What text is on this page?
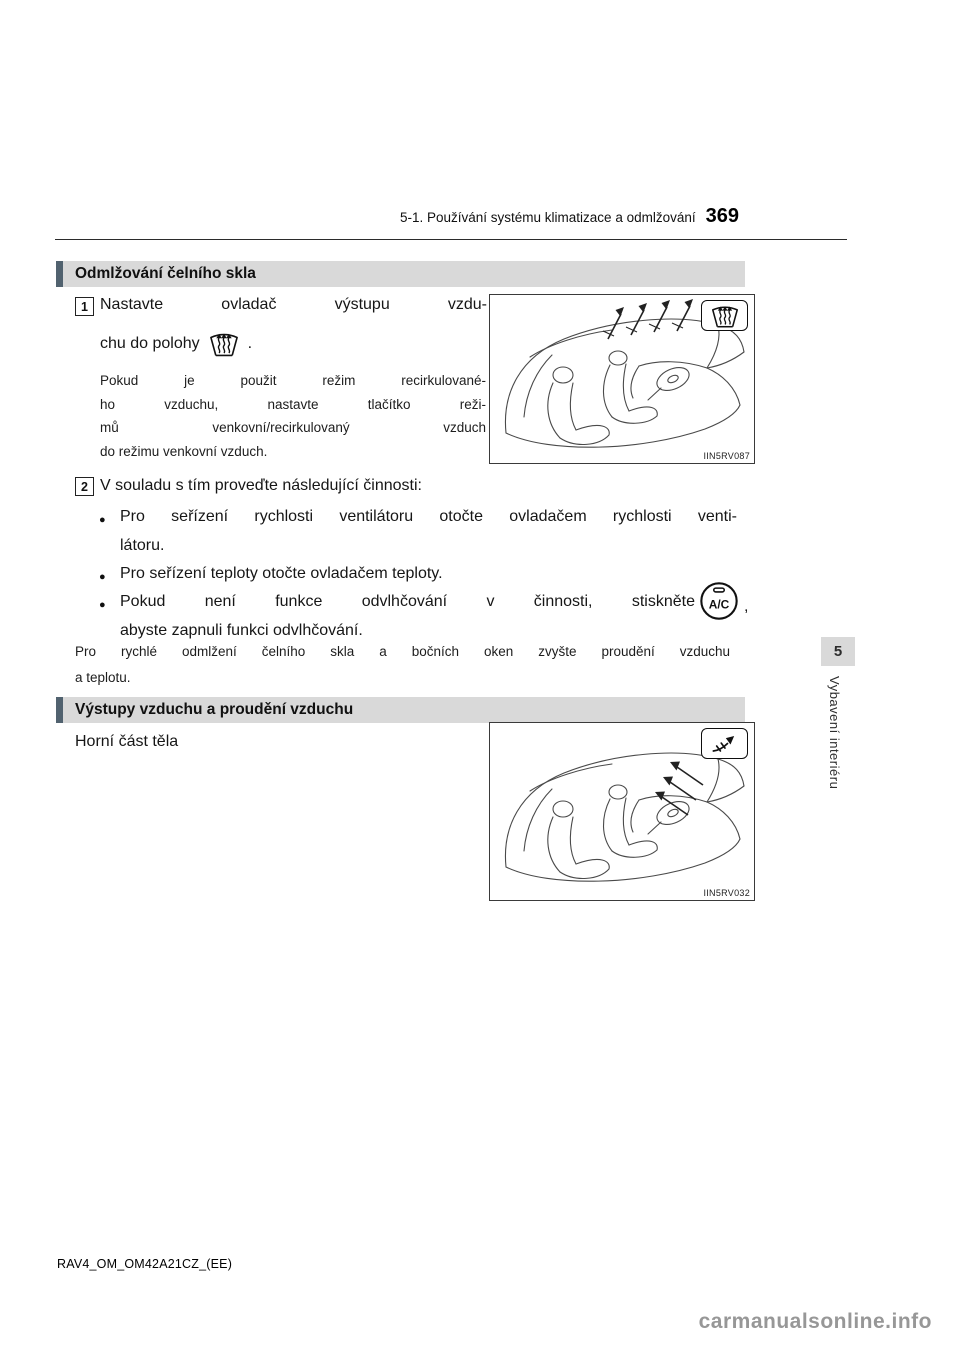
5-1. Používání systému klimatizace a odmlžování 369
Odmlžování čelního skla
1 Nastavte ovladač výstupu vzdu-
chu do polohy	.
Pokud je použit režim recirkulované-
ho vzduchu, nastavte tlačítko reži-
mů venkovní/recirkulovaný vzduch
do režimu venkovní vzduch.	IIN5RV087
2 V souladu s tím proveďte následující činnosti:
● Pro seřízení rychlosti ventilátoru otočte ovladačem rychlosti venti-
látoru.
● Pro seřízení teploty otočte ovladačem teploty.
● Pokud není funkce odvlhčování v činnosti, stiskněte A/C ,
abyste zapnuli funkci odvlhčování.
Pro rychlé odmlžení čelního skla a bočních oken zvyšte proudění vzduchu
a teplotu.
Výstupy vzduchu a proudění vzduchu
Horní část těla
IIN5RV032
5
Vybavení interiéru
RAV4_OM_OM42A21CZ_(EE)
carmanualsonline.info
